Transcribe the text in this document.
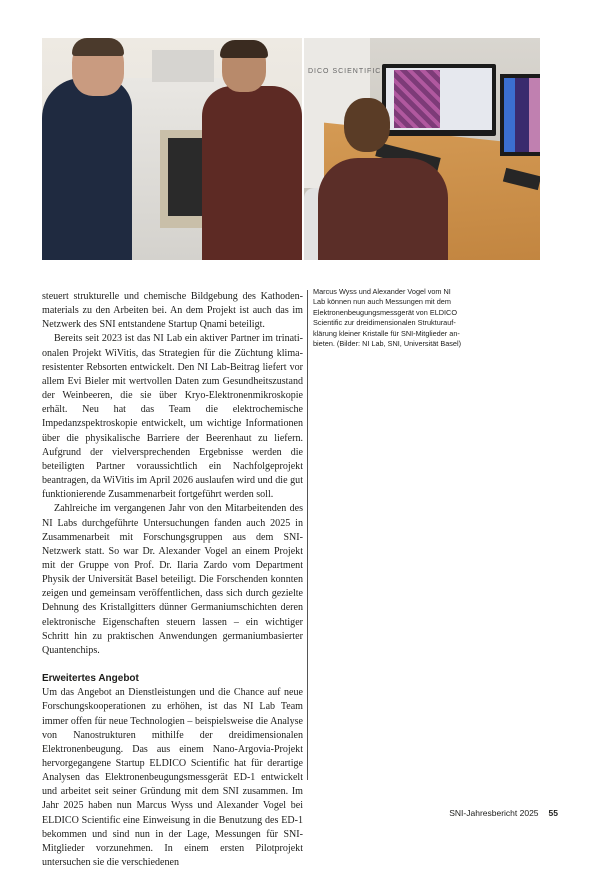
DICO SCIENTIFIC

steuert strukturelle und chemische Bildgebung des Kathodenmaterials zu den Arbeiten bei. An dem Projekt ist auch das im Netzwerk des SNI entstandene Startup Qnami beteiligt.

Bereits seit 2023 ist das NI Lab ein aktiver Partner im trinationalen Projekt WiVitis, das Strategien für die Züchtung klimaresistenter Rebsorten entwickelt. Den NI Lab-Beitrag liefert vor allem Evi Bieler mit wertvollen Daten zum Gesundheitszustand der Weinbeeren, die sie über Kryo-Elektronenmikroskopie erhält. Neu hat das Team die elektrochemische Impedanzspektroskopie entwickelt, um wichtige Informationen über die physikalische Barriere der Beerenhaut zu liefern. Aufgrund der vielversprechenden Ergebnisse werden die beteiligten Partner voraussichtlich ein Nachfolgeprojekt beantragen, da WiVitis im April 2026 auslaufen wird und die gut funktionierende Zusammenarbeit fortgeführt werden soll.

Zahlreiche im vergangenen Jahr von den Mitarbeitenden des NI Labs durchgeführte Untersuchungen fanden auch 2025 in Zusammenarbeit mit Forschungsgruppen aus dem SNI-Netzwerk statt. So war Dr. Alexander Vogel an einem Projekt mit der Gruppe von Prof. Dr. Ilaria Zardo vom Department Physik der Universität Basel beteiligt. Die Forschenden konnten zeigen und gemeinsam veröffentlichen, dass sich durch gezielte Dehnung des Kristallgitters dünner Germaniumschichten deren elektronische Eigenschaften steuern lassen – ein wichtiger Schritt hin zu praktischen Anwendungen germaniumbasierter Quantenchips.

Erweitertes Angebot

Um das Angebot an Dienstleistungen und die Chance auf neue Forschungskooperationen zu erhöhen, ist das NI Lab Team immer offen für neue Technologien – beispielsweise die Analyse von Nanostrukturen mithilfe der dreidimensionalen Elektronenbeugung. Das aus einem Nano-Argovia-Projekt hervorgegangene Startup ELDICO Scientific hat für derartige Analysen das Elektronenbeugungsmessgerät ED-1 entwickelt und arbeitet seit seiner Gründung mit dem SNI zusammen. Im Jahr 2025 haben nun Marcus Wyss und Alexander Vogel bei ELDICO Scientific eine Einweisung in die Benutzung des ED-1 bekommen und sind nun in der Lage, Messungen für SNI-Mitglieder vorzunehmen. In einem ersten Pilotprojekt untersuchen sie die verschiedenen

Marcus Wyss und Alexander Vogel vom NI Lab können nun auch Messungen mit dem Elektronenbeugungsmessgerät von ELDICO Scientific zur dreidimensionalen Strukturaufklärung kleiner Kristalle für SNI-Mitglieder anbieten. (Bilder: NI Lab, SNI, Universität Basel)
SNI-Jahresbericht 2025 55
